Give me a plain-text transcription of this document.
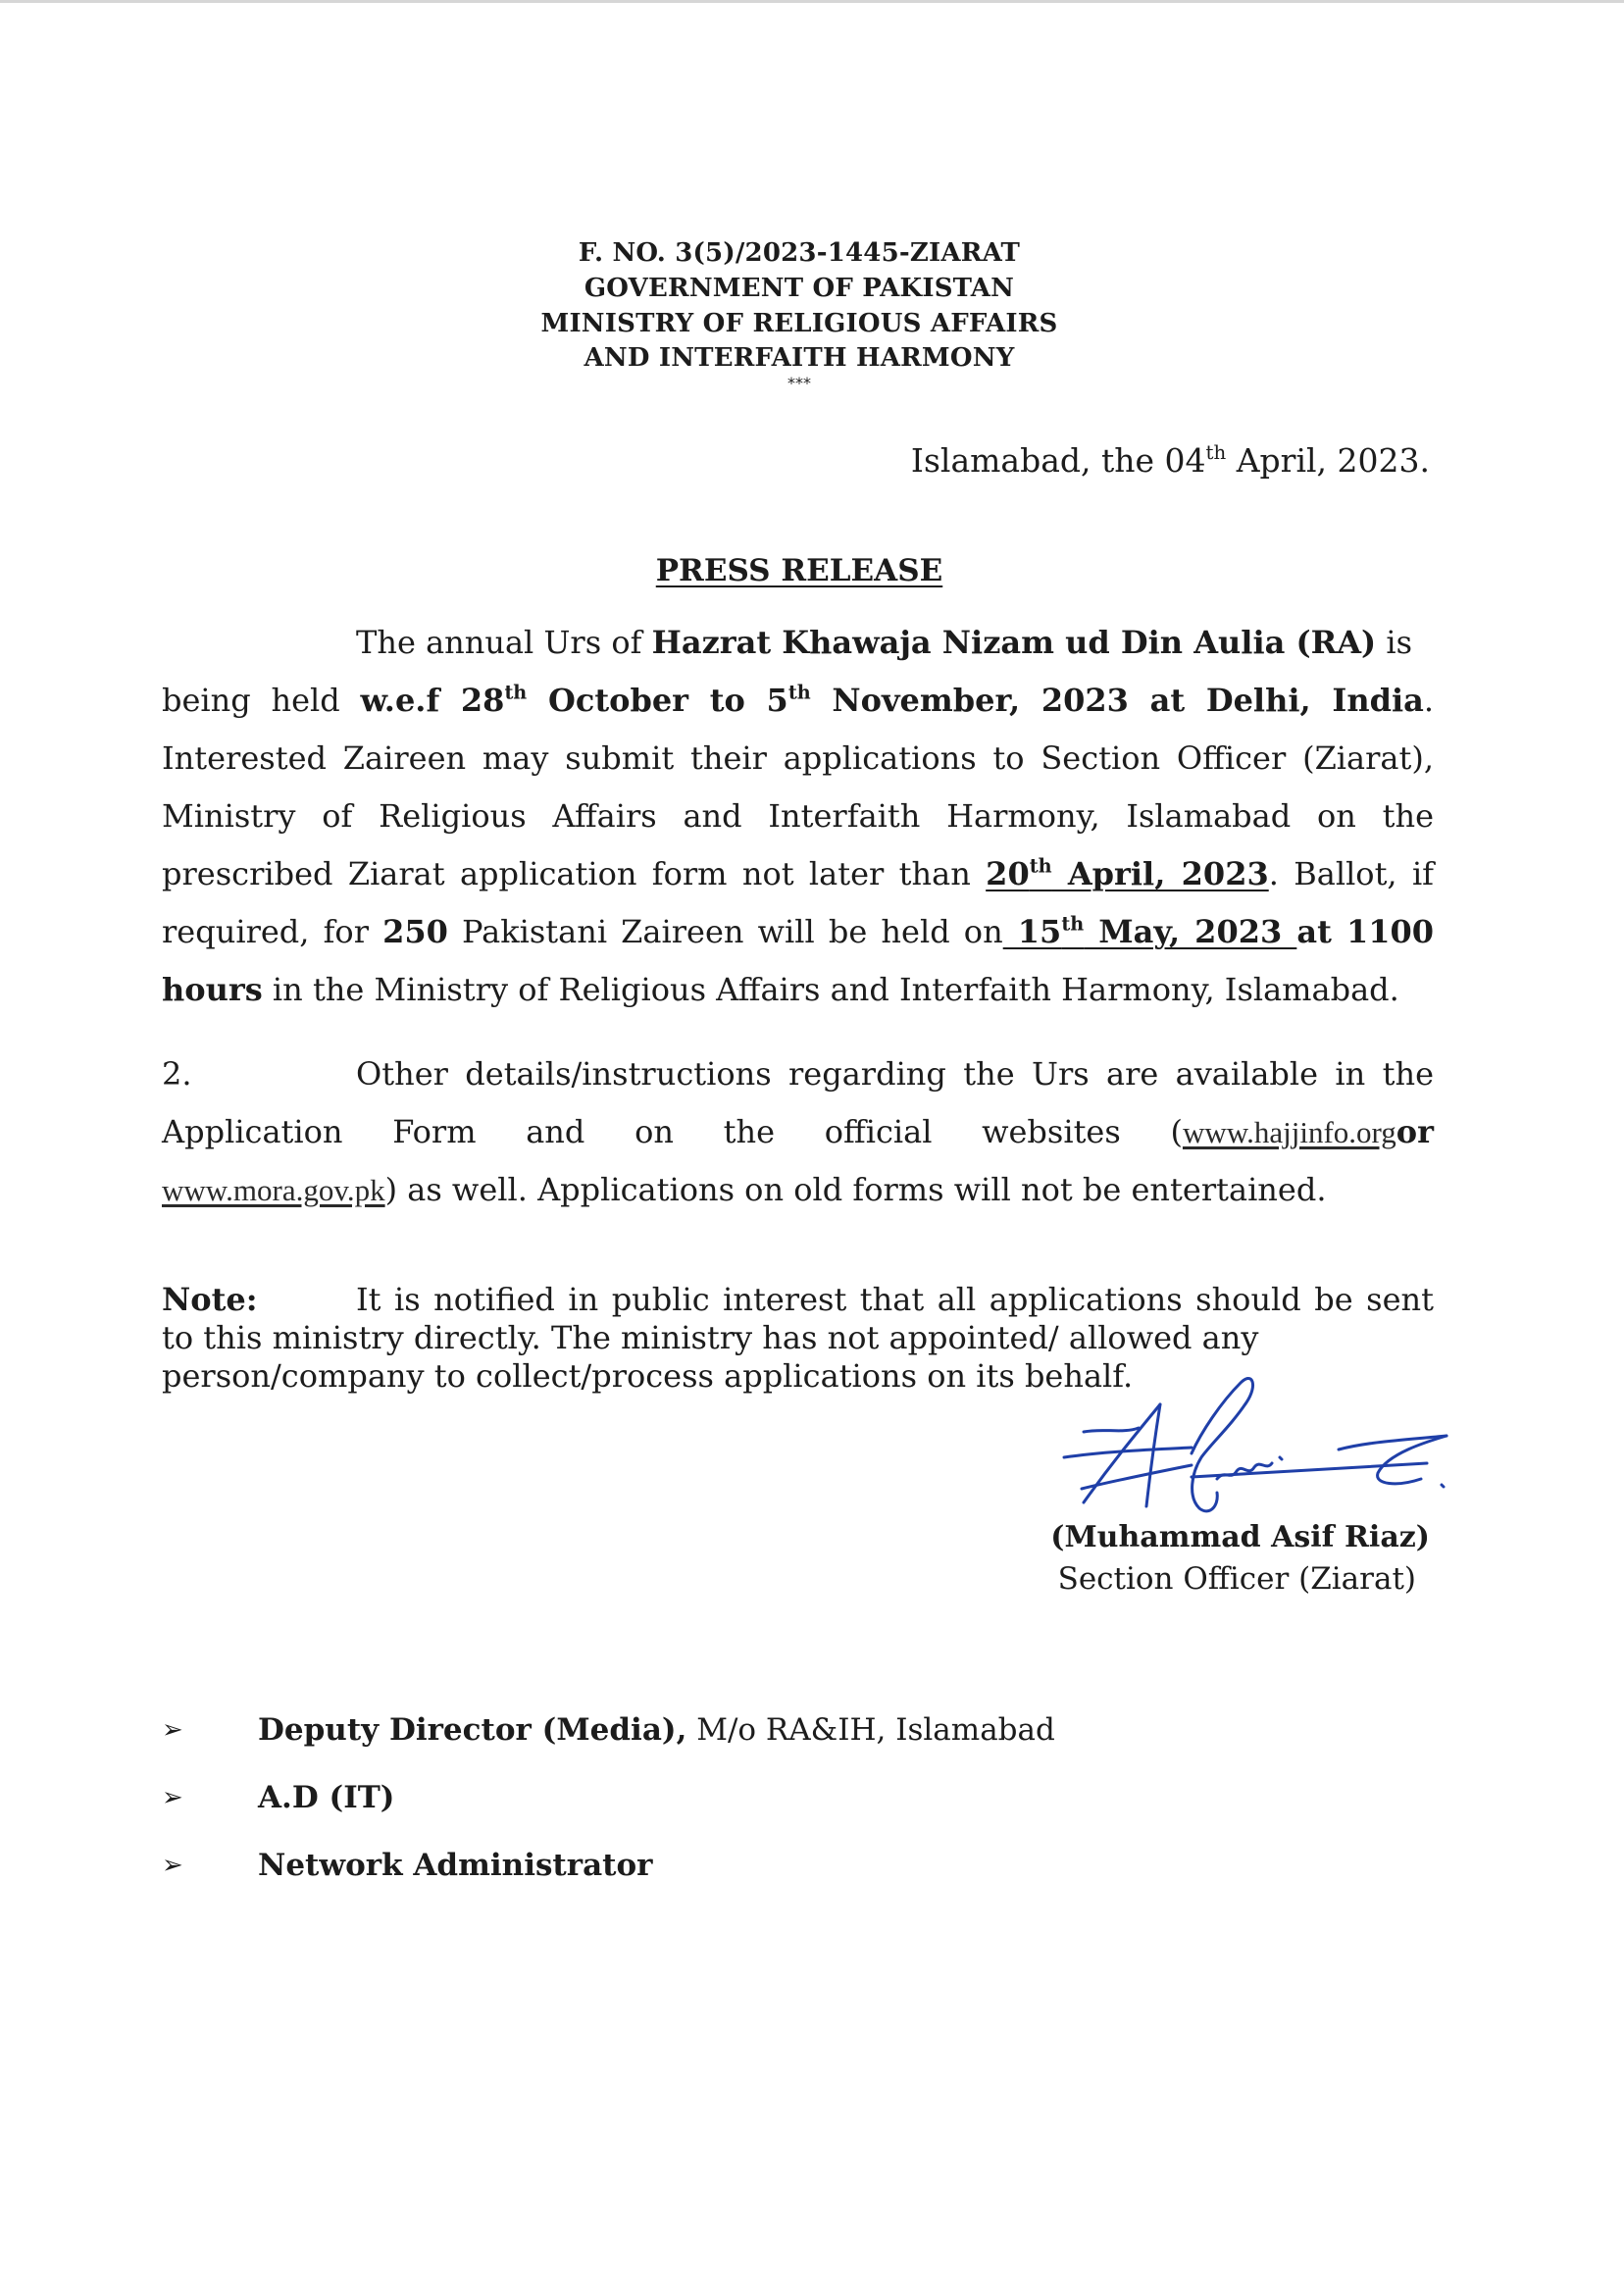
F. NO. 3(5)/2023-1445-ZIARAT
GOVERNMENT OF PAKISTAN
MINISTRY OF RELIGIOUS AFFAIRS
AND INTERFAITH HARMONY
***
Islamabad, the 04th April, 2023.
PRESS RELEASE
The annual Urs of Hazrat Khawaja Nizam ud Din Aulia (RA) is
being held w.e.f 28th October to 5th November, 2023 at Delhi, India.
Interested Zaireen may submit their applications to Section Officer (Ziarat),
Ministry of Religious Affairs and Interfaith Harmony, Islamabad on the
prescribed Ziarat application form not later than 20th April, 2023. Ballot, if
required, for 250 Pakistani Zaireen will be held on 15th May, 2023 at 1100
hours in the Ministry of Religious Affairs and Interfaith Harmony, Islamabad.
2.	Other details/instructions regarding the Urs are available in the
Application Form and on the official websites (www.hajjinfo.orgor
www.mora.gov.pk) as well. Applications on old forms will not be entertained.
Note:	It is notified in public interest that all applications should be sent
to this ministry directly. The ministry has not appointed/ allowed any
person/company to collect/process applications on its behalf.
(Muhammad Asif Riaz)
Section Officer (Ziarat)
➢ Deputy Director (Media), M/o RA&IH, Islamabad
➢ A.D (IT)
➢ Network Administrator
